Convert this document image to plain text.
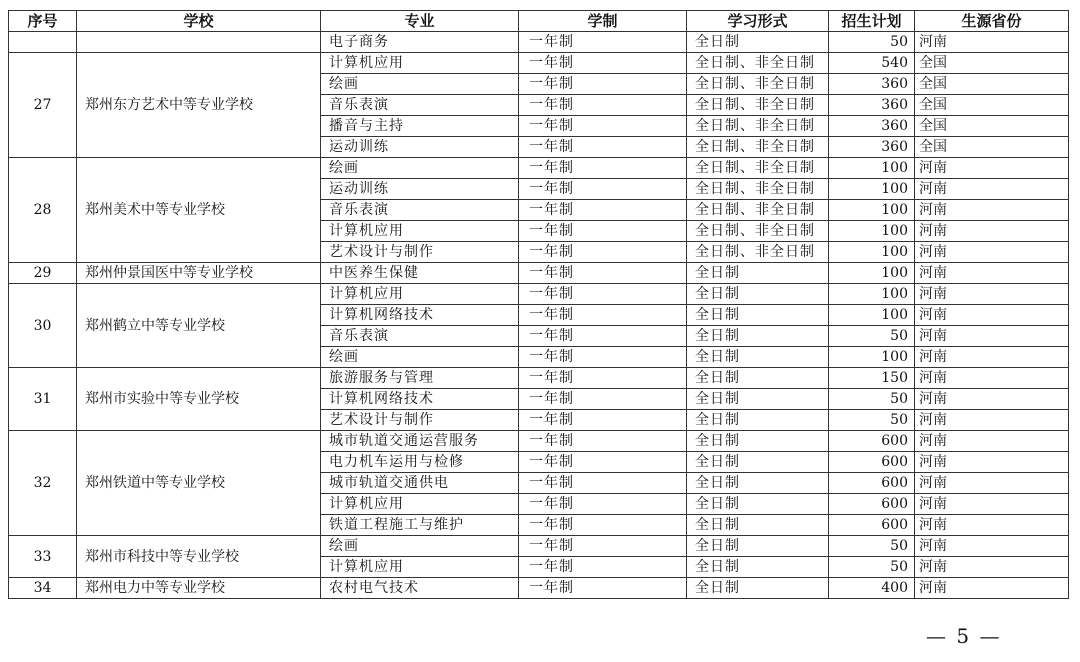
序号	学校	专业	学制	学习形式	招生计划	生源省份
		电子商务	一年制	全日制	50	河南
27	郑州东方艺术中等专业学校	计算机应用	一年制	全日制、非全日制	540	全国
		绘画	一年制	全日制、非全日制	360	全国
		音乐表演	一年制	全日制、非全日制	360	全国
		播音与主持	一年制	全日制、非全日制	360	全国
		运动训练	一年制	全日制、非全日制	360	全国
28	郑州美术中等专业学校	绘画	一年制	全日制、非全日制	100	河南
		运动训练	一年制	全日制、非全日制	100	河南
		音乐表演	一年制	全日制、非全日制	100	河南
		计算机应用	一年制	全日制、非全日制	100	河南
		艺术设计与制作	一年制	全日制、非全日制	100	河南
29	郑州仲景国医中等专业学校	中医养生保健	一年制	全日制	100	河南
30	郑州鹤立中等专业学校	计算机应用	一年制	全日制	100	河南
		计算机网络技术	一年制	全日制	100	河南
		音乐表演	一年制	全日制	50	河南
		绘画	一年制	全日制	100	河南
31	郑州市实验中等专业学校	旅游服务与管理	一年制	全日制	150	河南
		计算机网络技术	一年制	全日制	50	河南
		艺术设计与制作	一年制	全日制	50	河南
32	郑州铁道中等专业学校	城市轨道交通运营服务	一年制	全日制	600	河南
		电力机车运用与检修	一年制	全日制	600	河南
		城市轨道交通供电	一年制	全日制	600	河南
		计算机应用	一年制	全日制	600	河南
		铁道工程施工与维护	一年制	全日制	600	河南
33	郑州市科技中等专业学校	绘画	一年制	全日制	50	河南
		计算机应用	一年制	全日制	50	河南
34	郑州电力中等专业学校	农村电气技术	一年制	全日制	400	河南
— 5 —
